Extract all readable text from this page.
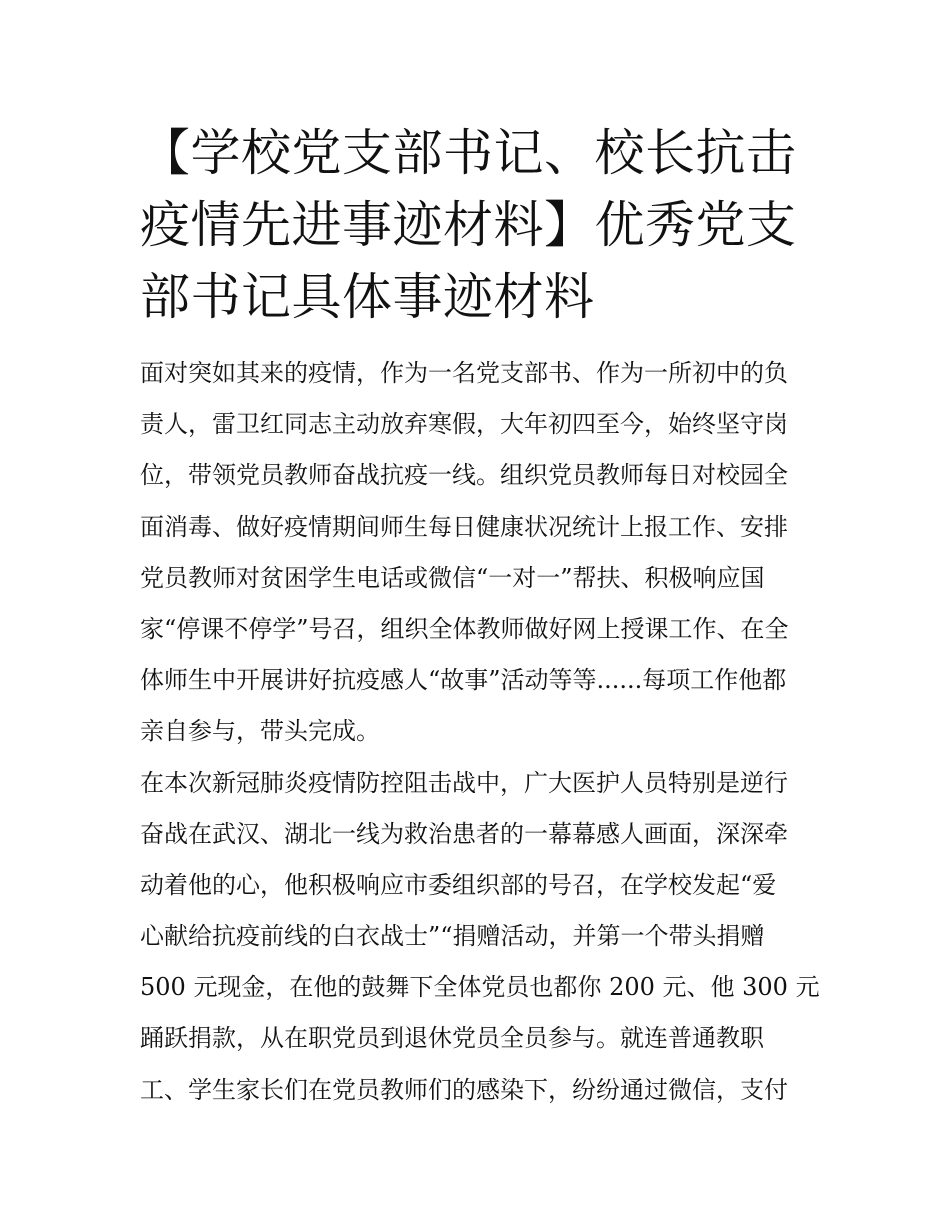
【学校党支部书记、校长抗击
疫情先进事迹材料】优秀党支
部书记具体事迹材料
面对突如其来的疫情，作为一名党支部书、作为一所初中的负
责人，雷卫红同志主动放弃寒假，大年初四至今，始终坚守岗
位，带领党员教师奋战抗疫一线。组织党员教师每日对校园全
面消毒、做好疫情期间师生每日健康状况统计上报工作、安排
党员教师对贫困学生电话或微信“一对一”帮扶、积极响应国
家“停课不停学”号召，组织全体教师做好网上授课工作、在全
体师生中开展讲好抗疫感人“故事”活动等等......每项工作他都
亲自参与，带头完成。
在本次新冠肺炎疫情防控阻击战中，广大医护人员特别是逆行
奋战在武汉、湖北一线为救治患者的一幕幕感人画面，深深牵
动着他的心，他积极响应市委组织部的号召，在学校发起“爱
心献给抗疫前线的白衣战士”“捐赠活动，并第一个带头捐赠
500 元现金，在他的鼓舞下全体党员也都你 200 元、他 300 元
踊跃捐款，从在职党员到退休党员全员参与。就连普通教职
工、学生家长们在党员教师们的感染下，纷纷通过微信，支付
